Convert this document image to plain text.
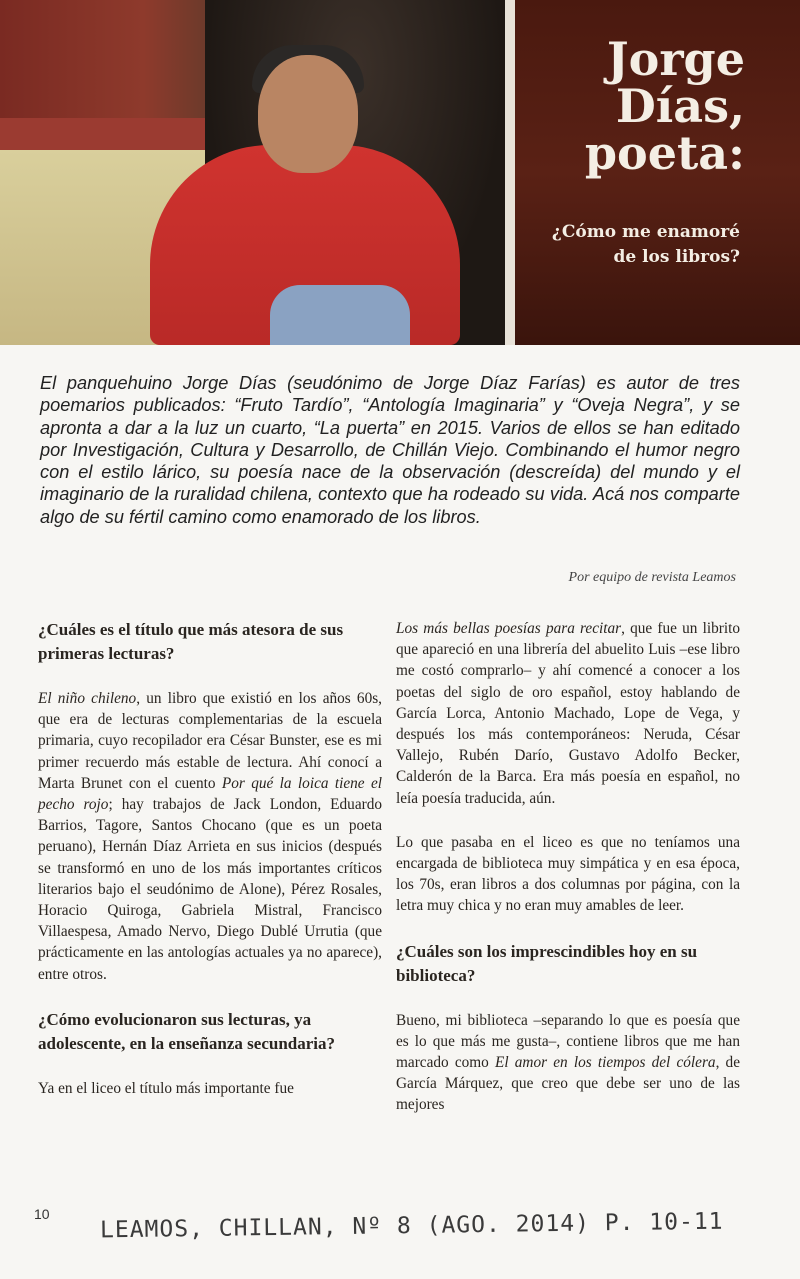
Jorge
Días,
poeta:
¿Cómo me enamoré
de los libros?

El panquehuino Jorge Días (seudónimo de Jorge Díaz Farías) es autor de tres poemarios publicados: “Fruto Tardío”, “Antología Imaginaria” y “Oveja Negra”, y se apronta a dar a la luz un cuarto, “La puerta” en 2015. Varios de ellos se han editado por Investigación, Cultura y Desarrollo, de Chillán Viejo. Combinando el humor negro con el estilo lárico, su poesía nace de la observación (descreída) del mundo y el imaginario de la ruralidad chilena, contexto que ha rodeado su vida. Acá nos comparte algo de su fértil camino como enamorado de los libros.

Por equipo de revista Leamos

¿Cuáles es el título que más atesora de sus primeras lecturas?

El niño chileno, un libro que existió en los años 60s, que era de lecturas complementarias de la escuela primaria, cuyo recopilador era César Bunster, ese es mi primer recuerdo más estable de lectura. Ahí conocí a Marta Brunet con el cuento Por qué la loica tiene el pecho rojo; hay trabajos de Jack London, Eduardo Barrios, Tagore, Santos Chocano (que es un poeta peruano), Hernán Díaz Arrieta en sus inicios (después se transformó en uno de los más importantes críticos literarios bajo el seudónimo de Alone), Pérez Rosales, Horacio Quiroga, Gabriela Mistral, Francisco Villaespesa, Amado Nervo, Diego Dublé Urrutia (que prácticamente en las antologías actuales ya no aparece), entre otros.

¿Cómo evolucionaron sus lecturas, ya adolescente, en la enseñanza secundaria?

Ya en el liceo el título más importante fue

Los más bellas poesías para recitar, que fue un librito que apareció en una librería del abuelito Luis –ese libro me costó comprarlo– y ahí comencé a conocer a los poetas del siglo de oro español, estoy hablando de García Lorca, Antonio Machado, Lope de Vega, y después los más contemporáneos: Neruda, César Vallejo, Rubén Darío, Gustavo Adolfo Becker, Calderón de la Barca. Era más poesía en español, no leía poesía traducida, aún.

Lo que pasaba en el liceo es que no teníamos una encargada de biblioteca muy simpática y en esa época, los 70s, eran libros a dos columnas por página, con la letra muy chica y no eran muy amables de leer.

¿Cuáles son los imprescindibles hoy en su biblioteca?

Bueno, mi biblioteca –separando lo que es poesía que es lo que más me gusta–, contiene libros que me han marcado como El amor en los tiempos del cólera, de García Márquez, que creo que debe ser uno de las mejores

10 LEAMOS, CHILLAN, Nº 8 (AGO. 2014) P. 10-11
